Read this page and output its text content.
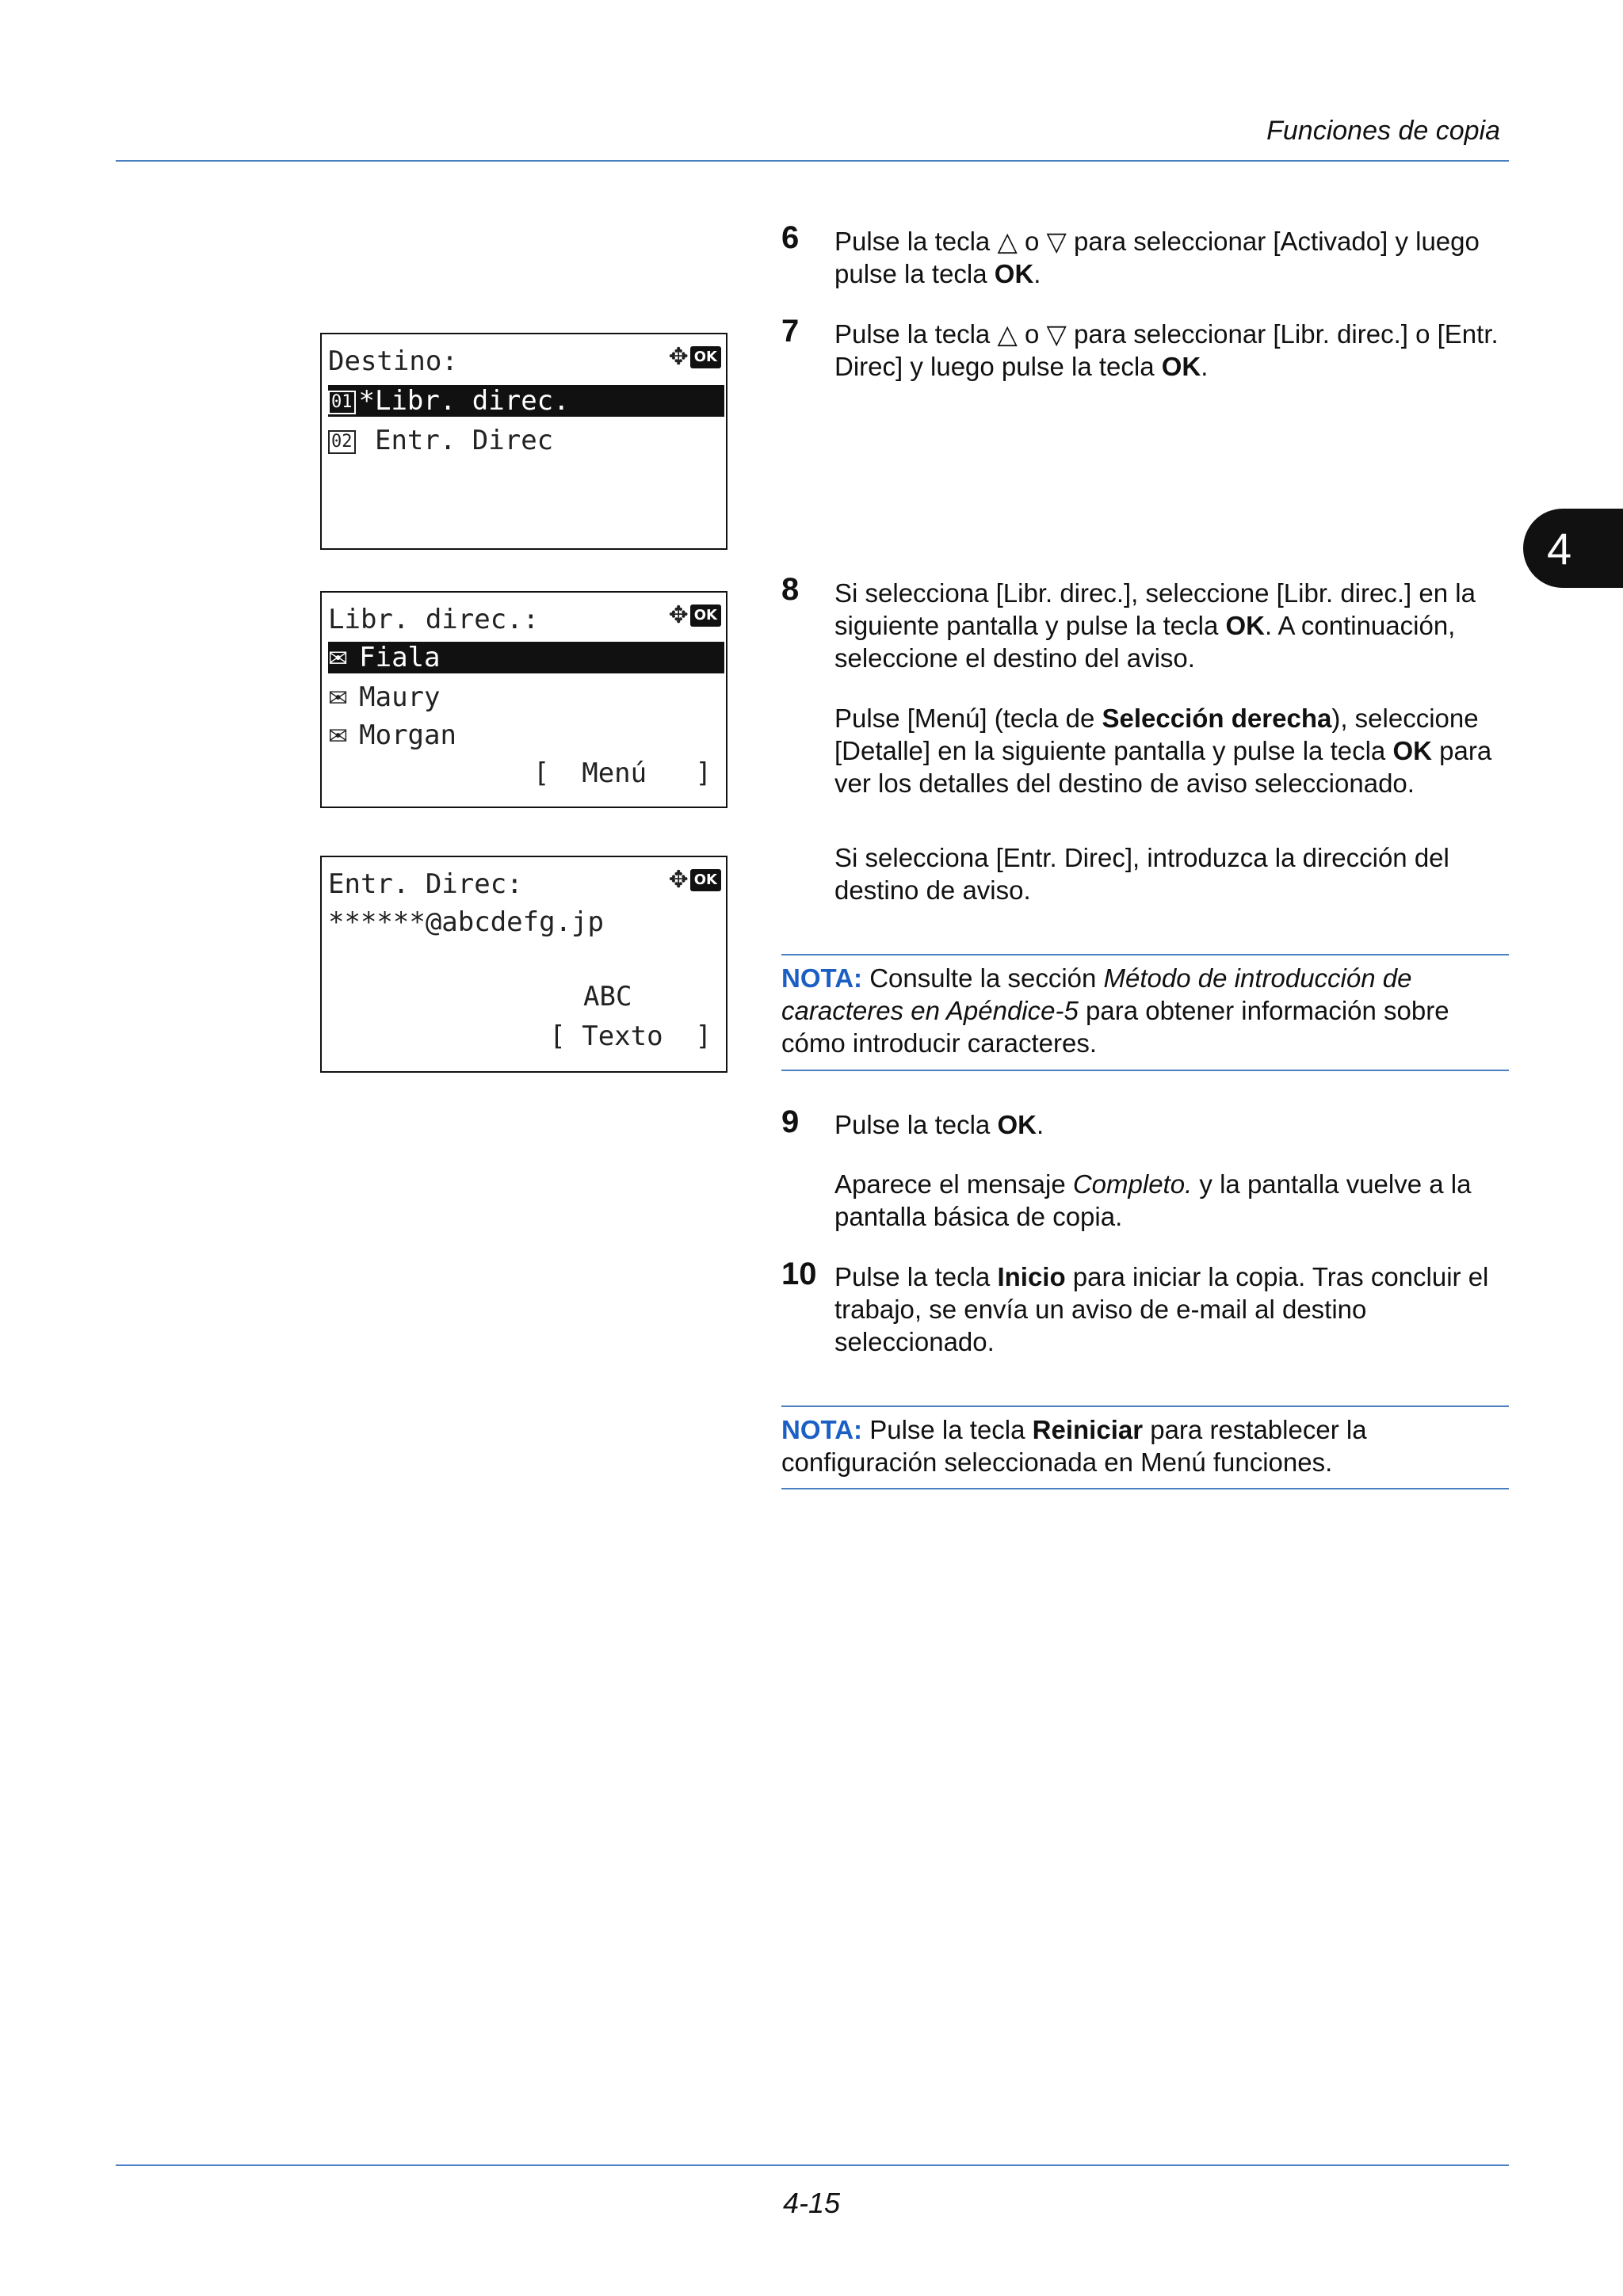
Funciones de copia
4
Destino:	✥ OK
01 *Libr. direc.
02 Entr. Direc
Libr. direc.:	✥ OK
✉ Fiala
✉ Maury
✉ Morgan
[  Menú   ]
Entr. Direc:	✥ OK
******@abcdefg.jp
ABC
[ Texto  ]
6 Pulse la tecla △ o ▽ para seleccionar [Activado] y luego pulse la tecla OK.
7 Pulse la tecla △ o ▽ para seleccionar [Libr. direc.] o [Entr. Direc] y luego pulse la tecla OK.
8 Si selecciona [Libr. direc.], seleccione [Libr. direc.] en la siguiente pantalla y pulse la tecla OK. A continuación, seleccione el destino del aviso.
Pulse [Menú] (tecla de Selección derecha), seleccione [Detalle] en la siguiente pantalla y pulse la tecla OK para ver los detalles del destino de aviso seleccionado.
Si selecciona [Entr. Direc], introduzca la dirección del destino de aviso.
NOTA: Consulte la sección Método de introducción de caracteres en Apéndice-5 para obtener información sobre cómo introducir caracteres.
9 Pulse la tecla OK.
Aparece el mensaje Completo. y la pantalla vuelve a la pantalla básica de copia.
10 Pulse la tecla Inicio para iniciar la copia. Tras concluir el trabajo, se envía un aviso de e-mail al destino seleccionado.
NOTA: Pulse la tecla Reiniciar para restablecer la configuración seleccionada en Menú funciones.
4-15
